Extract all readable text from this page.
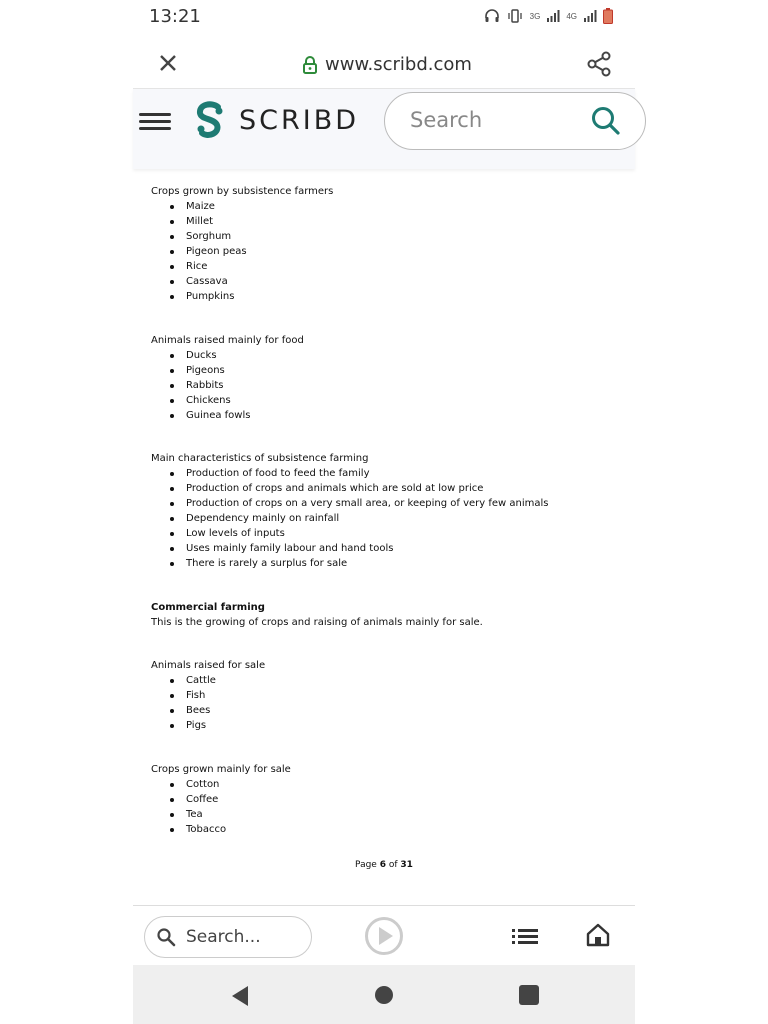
13:21	3G	4G
www.scribd.com
SCRIBD Search

Crops grown by subsistence farmers

Maize
Millet
Sorghum
Pigeon peas
Rice
Cassava
Pumpkins

Animals raised mainly for food

Ducks
Pigeons
Rabbits
Chickens
Guinea fowls

Main characteristics of subsistence farming

Production of food to feed the family
Production of crops and animals which are sold at low price
Production of crops on a very small area, or keeping of very few animals
Dependency mainly on rainfall
Low levels of inputs
Uses mainly family labour and hand tools
There is rarely a surplus for sale

Commercial farming

This is the growing of crops and raising of animals mainly for sale.

Animals raised for sale

Cattle
Fish
Bees
Pigs

Crops grown mainly for sale

Cotton
Coffee
Tea
Tobacco
Page 6 of 31
Search...
